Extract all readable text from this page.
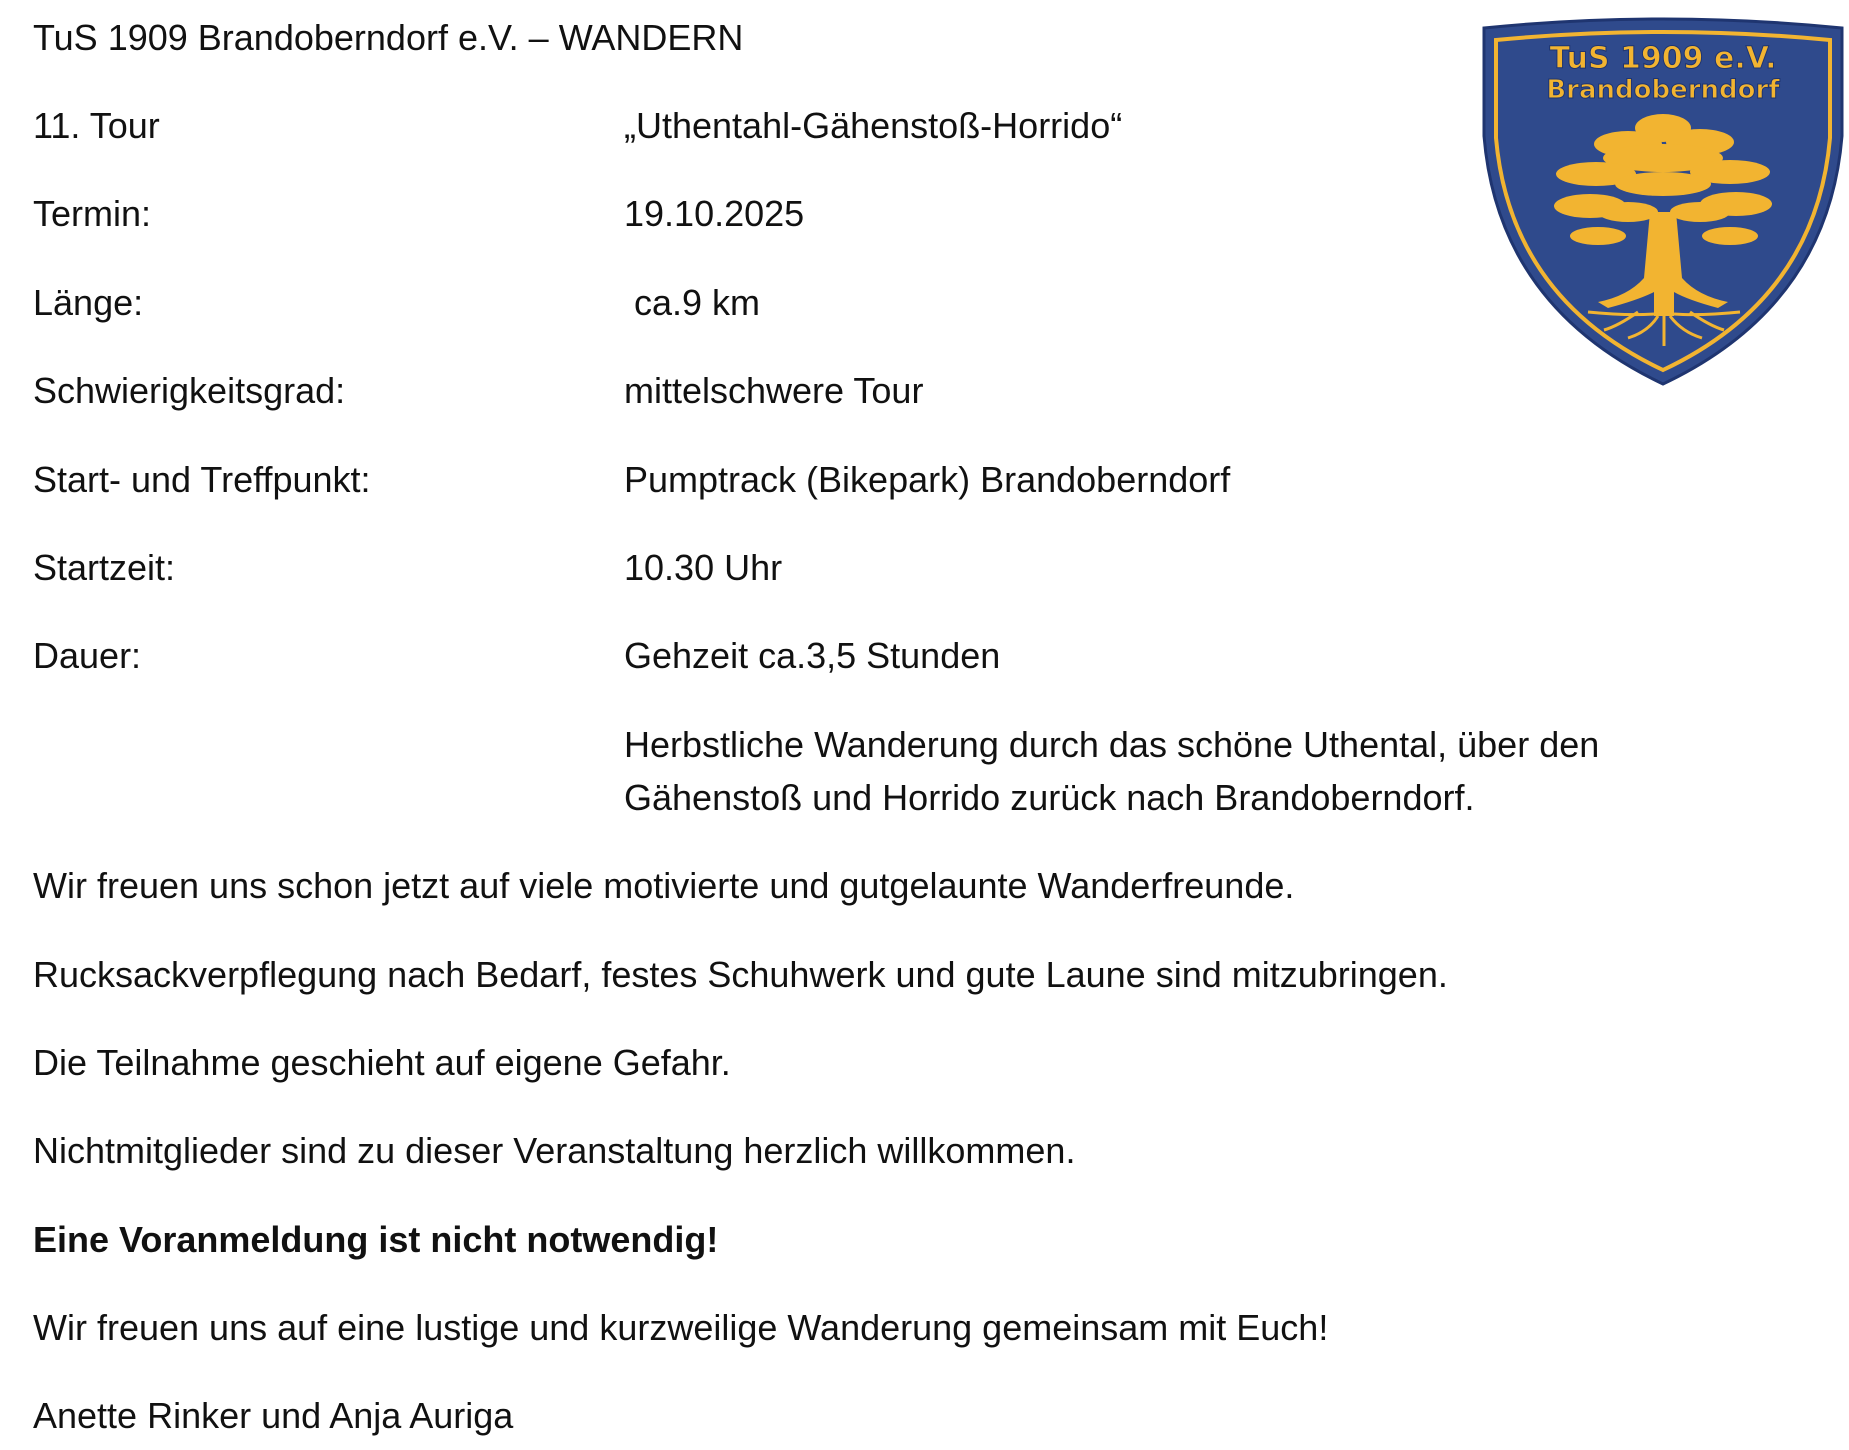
TuS 1909 Brandoberndorf e.V. – WANDERN
11. Tour	„Uthentahl-Gähenstoß-Horrido“
Termin:	19.10.2025
Länge:	ca.9 km
Schwierigkeitsgrad:	mittelschwere Tour
Start- und Treffpunkt:	Pumptrack (Bikepark) Brandoberndorf
Startzeit:	10.30 Uhr
Dauer:	Gehzeit ca.3,5 Stunden
Herbstliche Wanderung durch das schöne Uthental, über den
Gähenstoß und Horrido zurück nach Brandoberndorf.
Wir freuen uns schon jetzt auf viele motivierte und gutgelaunte Wanderfreunde.
Rucksackverpflegung nach Bedarf, festes Schuhwerk und gute Laune sind mitzubringen.
Die Teilnahme geschieht auf eigene Gefahr.
Nichtmitglieder sind zu dieser Veranstaltung herzlich willkommen.
Eine Voranmeldung ist nicht notwendig!
Wir freuen uns auf eine lustige und kurzweilige Wanderung gemeinsam mit Euch!
Anette Rinker und Anja Auriga
TuS 1909 e.V.
Brandoberndorf
